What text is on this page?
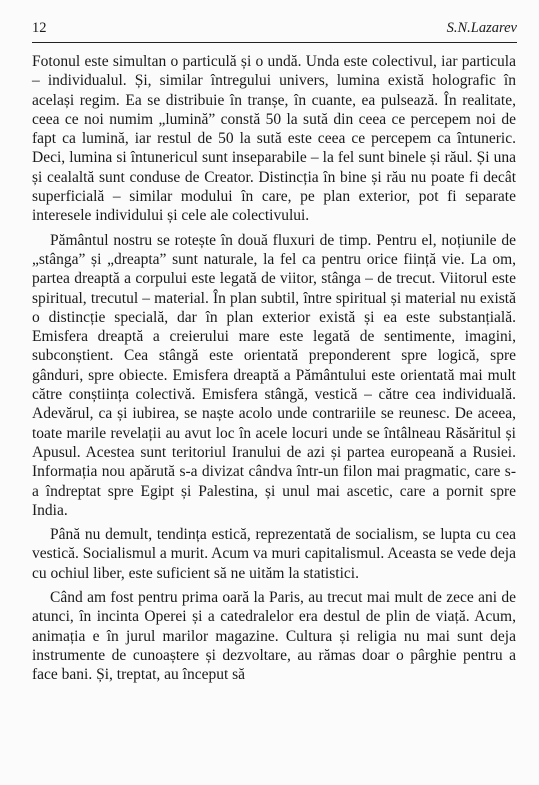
12	S.N.Lazarev

Fotonul este simultan o particulă și o undă. Unda este colectivul, iar particula – individualul. Și, similar întregului univers, lumina există holografic în același regim. Ea se distribuie în tranșe, în cuante, ea pulsează. În realitate, ceea ce noi numim „lumină” constă 50 la sută din ceea ce percepem noi de fapt ca lumină, iar restul de 50 la sută este ceea ce percepem ca întuneric. Deci, lumina si întunericul sunt inseparabile – la fel sunt binele și răul. Și una și cealaltă sunt conduse de Creator. Distincția în bine și rău nu poate fi decât superficială – similar modului în care, pe plan exterior, pot fi separate interesele individului și cele ale colectivului.

Pământul nostru se rotește în două fluxuri de timp. Pentru el, noțiunile de „stânga” și „dreapta” sunt naturale, la fel ca pentru orice ființă vie. La om, partea dreaptă a corpului este legată de viitor, stânga – de trecut. Viitorul este spiritual, trecutul – material. În plan subtil, între spiritual și material nu există o distincție specială, dar în plan exterior există și ea este substanțială. Emisfera dreaptă a creierului mare este legată de sentimente, imagini, subconștient. Cea stângă este orientată preponderent spre logică, spre gânduri, spre obiecte. Emisfera dreaptă a Pământului este orientată mai mult către conștiința colectivă. Emisfera stângă, vestică – către cea individuală. Adevărul, ca și iubirea, se naște acolo unde contrariile se reunesc. De aceea, toate marile revelații au avut loc în acele locuri unde se întâlneau Răsăritul și Apusul. Acestea sunt teritoriul Iranului de azi și partea europeană a Rusiei. Informația nou apărută s-a divizat cândva într-un filon mai pragmatic, care s-a îndreptat spre Egipt și Palestina, și unul mai ascetic, care a pornit spre India.

Până nu demult, tendința estică, reprezentată de socialism, se lupta cu cea vestică. Socialismul a murit. Acum va muri capitalismul. Aceasta se vede deja cu ochiul liber, este suficient să ne uităm la statistici.

Când am fost pentru prima oară la Paris, au trecut mai mult de zece ani de atunci, în incinta Operei și a catedralelor era destul de plin de viață. Acum, animația e în jurul marilor magazine. Cultura și religia nu mai sunt deja instrumente de cunoaștere și dezvoltare, au rămas doar o pârghie pentru a face bani. Și, treptat, au început să
